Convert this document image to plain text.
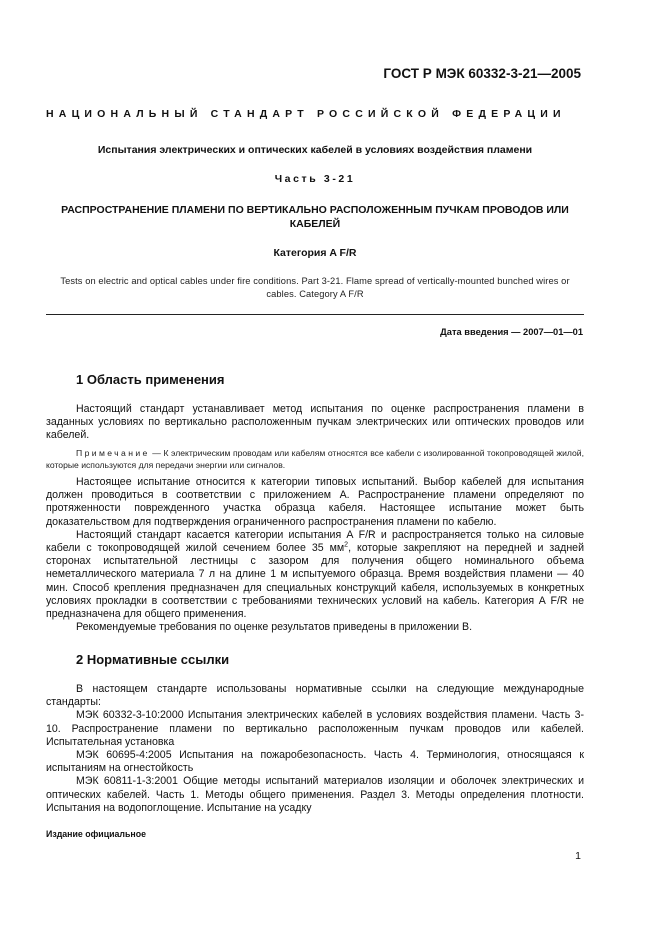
ГОСТ Р МЭК 60332-3-21—2005
НАЦИОНАЛЬНЫЙ СТАНДАРТ РОССИЙСКОЙ ФЕДЕРАЦИИ
Испытания электрических и оптических кабелей в условиях воздействия пламени
Часть 3-21
РАСПРОСТРАНЕНИЕ ПЛАМЕНИ ПО ВЕРТИКАЛЬНО РАСПОЛОЖЕННЫМ ПУЧКАМ ПРОВОДОВ ИЛИ КАБЕЛЕЙ
Категория A F/R
Tests on electric and optical cables under fire conditions. Part 3-21. Flame spread of vertically-mounted bunched wires or cables. Category A F/R
Дата введения — 2007—01—01
1 Область применения

Настоящий стандарт устанавливает метод испытания по оценке распространения пламени в заданных условиях по вертикально расположенным пучкам электрических или оптических проводов или кабелей.

Примечание — К электрическим проводам или кабелям относятся все кабели с изолированной токопроводящей жилой, которые используются для передачи энергии или сигналов.

Настоящее испытание относится к категории типовых испытаний. Выбор кабелей для испытания должен проводиться в соответствии с приложением А. Распространение пламени определяют по протяженности поврежденного участка образца кабеля. Настоящее испытание может быть доказательством для подтверждения ограниченного распространения пламени по кабелю.

Настоящий стандарт касается категории испытания А F/R и распространяется только на силовые кабели с токопроводящей жилой сечением более 35 $мм^2$, которые закрепляют на передней и задней сторонах испытательной лестницы с зазором для получения общего номинального объема неметаллического материала 7 л на длине 1 м испытуемого образца. Время воздействия пламени — 40 мин. Способ крепления предназначен для специальных конструкций кабеля, используемых в конкретных условиях прокладки в соответствии с требованиями технических условий на кабель. Категория А F/R не предназначена для общего применения.

Рекомендуемые требования по оценке результатов приведены в приложении В.

2 Нормативные ссылки

В настоящем стандарте использованы нормативные ссылки на следующие международные стандарты:

МЭК 60332-3-10:2000 Испытания электрических кабелей в условиях воздействия пламени. Часть 3-10. Распространение пламени по вертикально расположенным пучкам проводов или кабелей. Испытательная установка

МЭК 60695-4:2005 Испытания на пожаробезопасность. Часть 4. Терминология, относящаяся к испытаниям на огнестойкость

МЭК 60811-1-3:2001 Общие методы испытаний материалов изоляции и оболочек электрических и оптических кабелей. Часть 1. Методы общего применения. Раздел 3. Методы определения плотности. Испытания на водопоглощение. Испытание на усадку

Издание официальное
1
